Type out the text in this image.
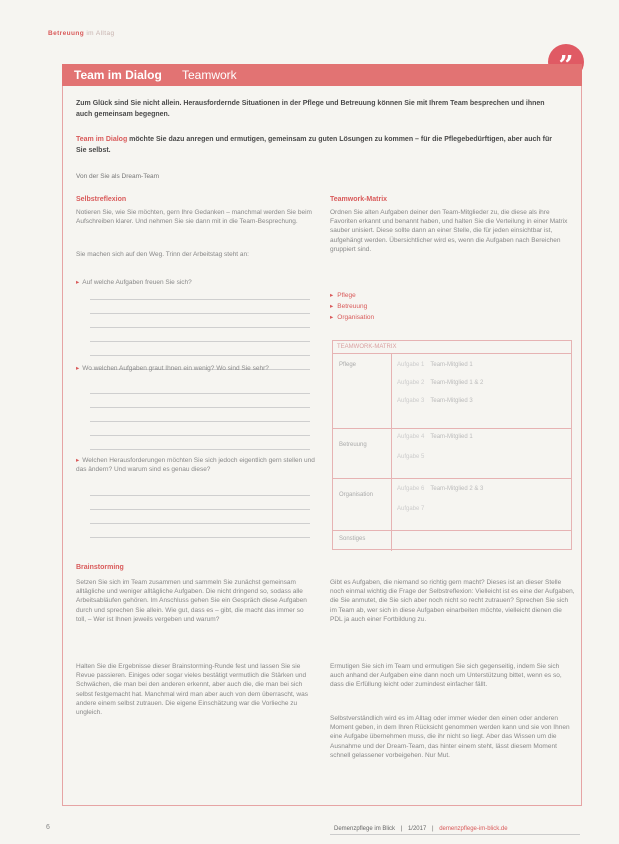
Betreuung im Alltag
Team im Dialog Teamwork
Zum Glück sind Sie nicht allein. Herausfordernde Situationen in der Pflege und Betreuung können Sie mit Ihrem Team besprechen und ihnen auch gemeinsam begegnen.
Team im Dialog möchte Sie dazu anregen und ermutigen, gemeinsam zu guten Lösungen zu kommen – für die Pflegebedürftigen, aber auch für Sie selbst.
Von der Sie als Dream-Team
Selbstreflexion
Notieren Sie, wie Sie möchten, gern Ihre Gedanken – manchmal werden Sie beim Aufschreiben klarer. Und nehmen Sie sie dann mit in die Team-Besprechung.
Sie machen sich auf den Weg. Trinn der Arbeitstag steht an:
▸ Auf welche Aufgaben freuen Sie sich?
▸ Wo welchen Aufgaben graut Ihnen ein wenig? Wo sind Sie sehr?
▸ Welchen Herausforderungen möchten Sie sich jedoch eigentlich gern stellen und das ändern? Und warum sind es genau diese?
Teamwork-Matrix
Ordnen Sie alten Aufgaben deiner den Team-Mitglieder zu, die diese als ihre Favoriten erkannt und benannt haben, und halten Sie die Verteilung in einer Matrix sauber unisiert. Diese sollte dann an einer Stelle, die für jeden einsichtbar ist, aufgehängt werden. Übersichtlicher wird es, wenn die Aufgaben nach Bereichen gruppiert sind.
▸ Pflege
▸ Betreuung
▸ Organisation
TEAMWORK-MATRIX
Pflege	Aufgabe 1 Team-Mitglied 1
Aufgabe 2 Team-Mitglied 1 & 2
Aufgabe 3 Team-Mitglied 3
Betreuung
Aufgabe 4 Team-Mitglied 1
Aufgabe 5
Organisation
Aufgabe 6 Team-Mitglied 2 & 3
Aufgabe 7
Sonstiges
Brainstorming
Setzen Sie sich im Team zusammen und sammeln Sie zunächst gemeinsam alltägliche und weniger alltägliche Aufgaben. Die nicht dringend so, sodass alle Arbeitsabläufen gehören. Im Anschluss gehen Sie ein Gespräch diese Aufgaben durch und sprechen Sie allein. Wie gut, dass es – gibt, die macht das immer so toll, – Wer ist Ihnen jeweils vergeben und warum?
Halten Sie die Ergebnisse dieser Brainstorming-Runde fest und lassen Sie sie Revue passieren. Einiges oder sogar vieles bestätigt vermutlich die Stärken und Schwächen, die man bei den anderen erkennt, aber auch die, die man bei sich selbst festgemacht hat. Manchmal wird man aber auch von dem überrascht, was andere einem selbst zutrauen. Die eigene Einschätzung war die Vorlieche zu ungleich.
Gibt es Aufgaben, die niemand so richtig gern macht? Dieses ist an dieser Stelle noch einmal wichtig die Frage der Selbstreflexion: Vielleicht ist es eine der Aufgaben, die Sie anmutet, die Sie sich aber noch nicht so recht zutrauen? Sprechen Sie sich im Team ab, wer sich in diese Aufgaben einarbeiten möchte, vielleicht dienen die PDL ja auch einer Fortbildung zu.
Ermutigen Sie sich im Team und ermutigen Sie sich gegenseitig, indem Sie sich auch anhand der Aufgaben eine dann noch um Unterstützung bittet, wenn es so, dass die Erfüllung leicht oder zumindest einfacher fällt.
Selbstverständlich wird es im Alltag oder immer wieder den einen oder anderen Moment geben, in dem Ihren Rücksicht genommen werden kann und sie von Ihnen eine Aufgabe übernehmen muss, die ihr nicht so liegt. Aber das Wissen um die Ausnahme und der Dream-Team, das hinter einem steht, lässt diesem Moment schnell gelassener vorbeigehen. Nur Mut.
6	Demenzpflege im Blick | 1/2017 | demenzpflege-im-blick.de
